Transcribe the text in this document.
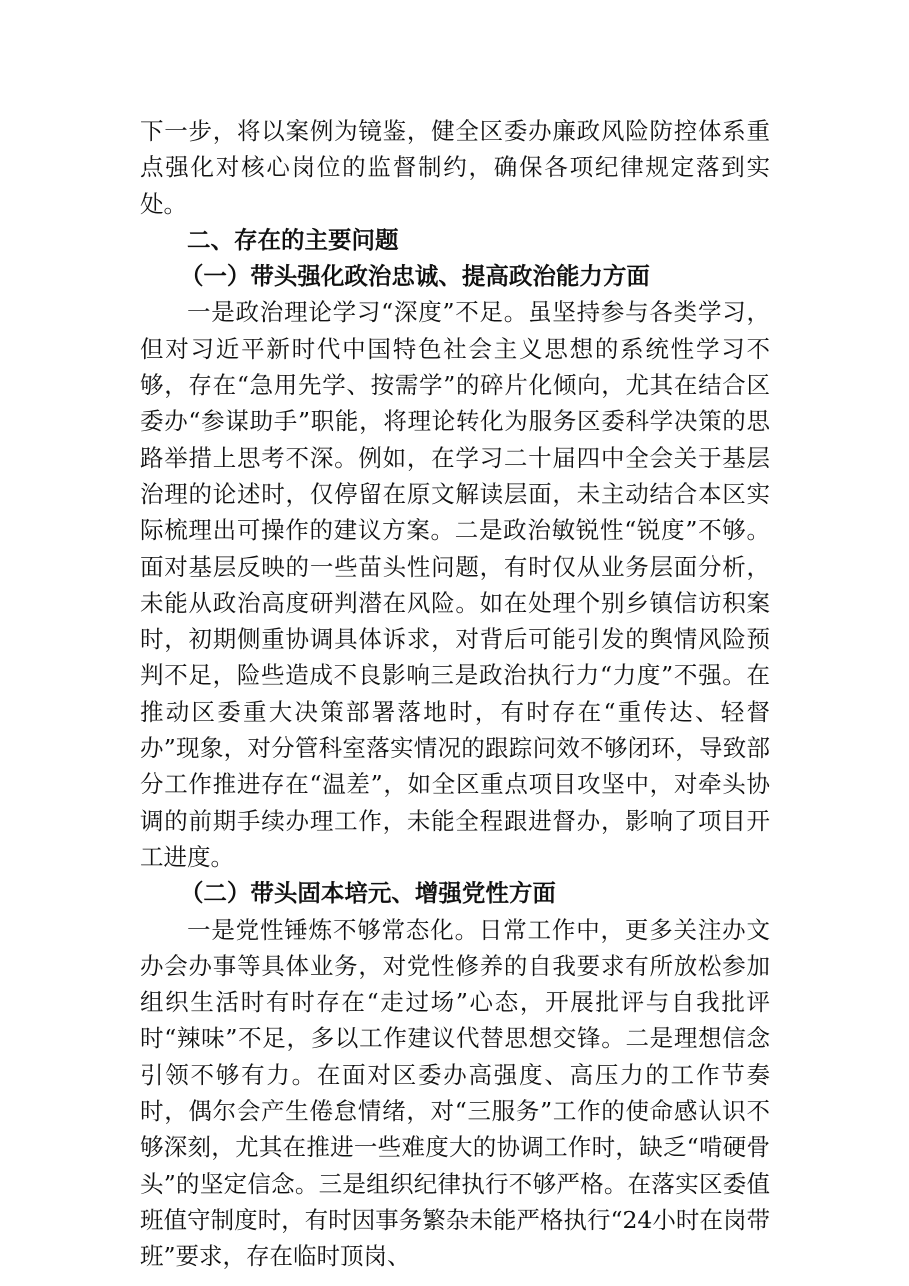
下一步，将以案例为镜鉴，健全区委办廉政风险防控体系重点强化对核心岗位的监督制约，确保各项纪律规定落到实处。

二、存在的主要问题

（一）带头强化政治忠诚、提高政治能力方面

一是政治理论学习“深度”不足。虽坚持参与各类学习，但对习近平新时代中国特色社会主义思想的系统性学习不够，存在“急用先学、按需学”的碎片化倾向，尤其在结合区委办“参谋助手”职能，将理论转化为服务区委科学决策的思路举措上思考不深。例如，在学习二十届四中全会关于基层治理的论述时，仅停留在原文解读层面，未主动结合本区实际梳理出可操作的建议方案。二是政治敏锐性“锐度”不够。面对基层反映的一些苗头性问题，有时仅从业务层面分析，未能从政治高度研判潜在风险。如在处理个别乡镇信访积案时，初期侧重协调具体诉求，对背后可能引发的舆情风险预判不足，险些造成不良影响三是政治执行力“力度”不强。在推动区委重大决策部署落地时，有时存在“重传达、轻督办”现象，对分管科室落实情况的跟踪问效不够闭环，导致部分工作推进存在“温差”，如全区重点项目攻坚中，对牵头协调的前期手续办理工作，未能全程跟进督办，影响了项目开工进度。

（二）带头固本培元、增强党性方面

一是党性锤炼不够常态化。日常工作中，更多关注办文办会办事等具体业务，对党性修养的自我要求有所放松参加组织生活时有时存在“走过场”心态，开展批评与自我批评时“辣味”不足，多以工作建议代替思想交锋。二是理想信念引领不够有力。在面对区委办高强度、高压力的工作节奏时，偶尔会产生倦怠情绪，对“三服务”工作的使命感认识不够深刻，尤其在推进一些难度大的协调工作时，缺乏“啃硬骨头”的坚定信念。三是组织纪律执行不够严格。在落实区委值班值守制度时，有时因事务繁杂未能严格执行“24小时在岗带班”要求，存在临时顶岗、
